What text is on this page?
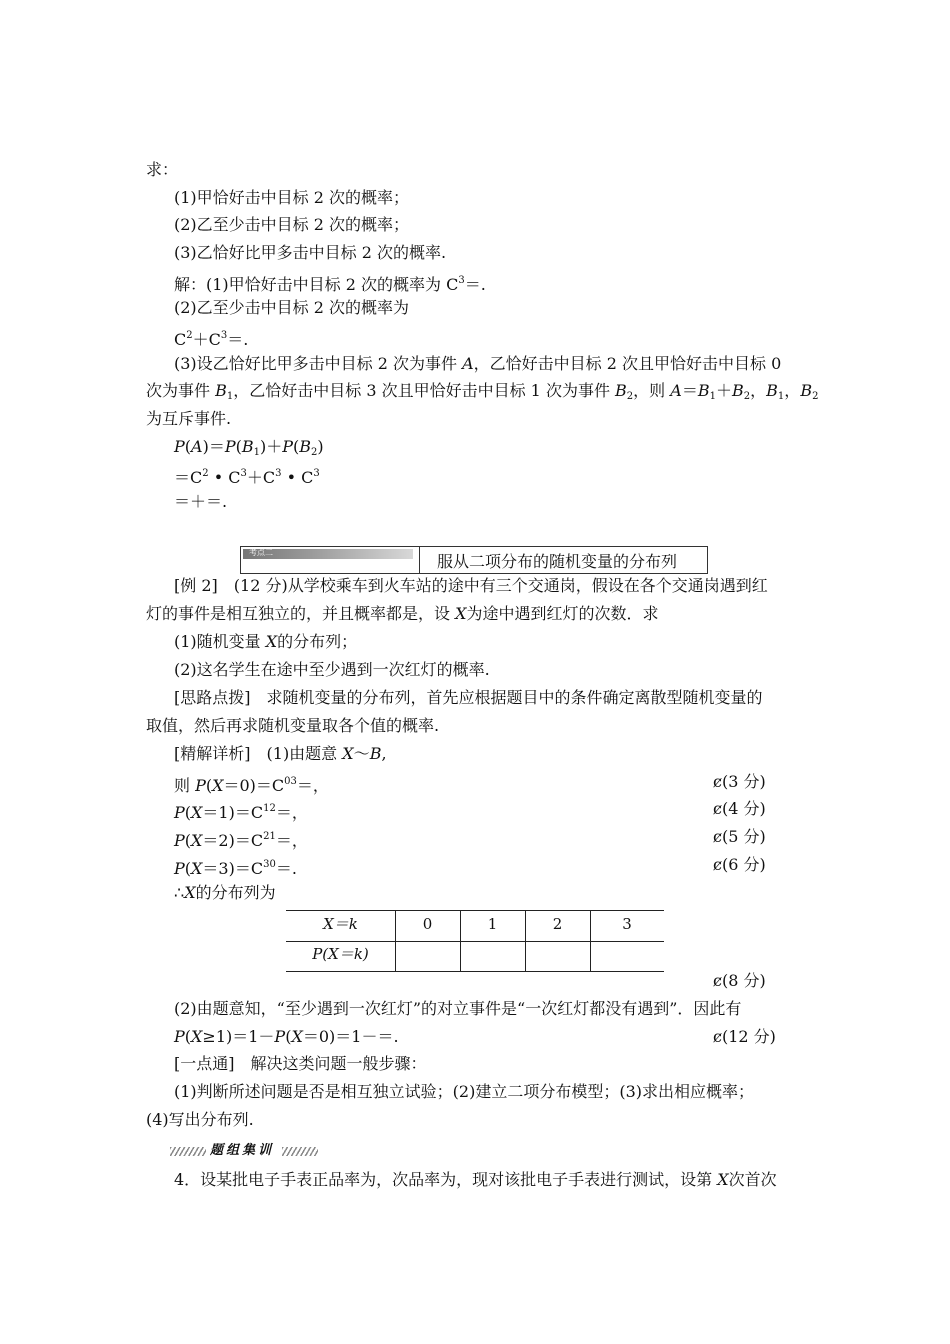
求：
(1)甲恰好击中目标 2 次的概率；
(2)乙至少击中目标 2 次的概率；
(3)乙恰好比甲多击中目标 2 次的概率.
解：(1)甲恰好击中目标 2 次的概率为 $C^3=$.
(2)乙至少击中目标 2 次的概率为
$C^2+C^3=$.
(3)设乙恰好比甲多击中目标 2 次为事件 A，乙恰好击中目标 2 次且甲恰好击中目标 0
次为事件 $B_1$，乙恰好击中目标 3 次且甲恰好击中目标 1 次为事件 $B_2$，则 $A=B_1+B_2$，$B_1$，$B_2$
为互斥事件.
$P(A)=P(B_1)+P(B_2)$
$=C^2$ • $C^3+C^3$ • $C^3$
＝＋＝.
考点二	服从二项分布的随机变量的分布列
[例 2]　 (12 分)从学校乘车到火车站的途中有三个交通岗，假设在各个交通岗遇到红
灯的事件是相互独立的，并且概率都是，设 X为途中遇到红灯的次数．求
(1)随机变量 X的分布列；
(2)这名学生在途中至少遇到一次红灯的概率.
[思路点拨]　 求随机变量的分布列，首先应根据题目中的条件确定离散型随机变量的
取值，然后再求随机变量取各个值的概率.
[精解详析]　 (1)由题意 X～B,
则 $P(X=0)=C^{03}=$，	ȼ(3 分)
$P(X=1)=C^{12}=$，	ȼ(4 分)
$P(X=2)=C^{21}=$，	ȼ(5 分)
$P(X=3)=C^{30}=$.	ȼ(6 分)
∴X的分布列为
X＝k	0	1	2	3
P(X＝k)
ȼ(8 分)
(2)由题意知，“至少遇到一次红灯”的对立事件是“一次红灯都没有遇到”．因此有
P(X≥1)＝1－P(X＝0)＝1－＝.	ȼ(12 分)
[一点通]　 解决这类问题一般步骤：
(1)判断所述问题是否是相互独立试验；(2)建立二项分布模型；(3)求出相应概率；
(4)写出分布列.
题组集训
4．设某批电子手表正品率为，次品率为，现对该批电子手表进行测试，设第 X次首次
